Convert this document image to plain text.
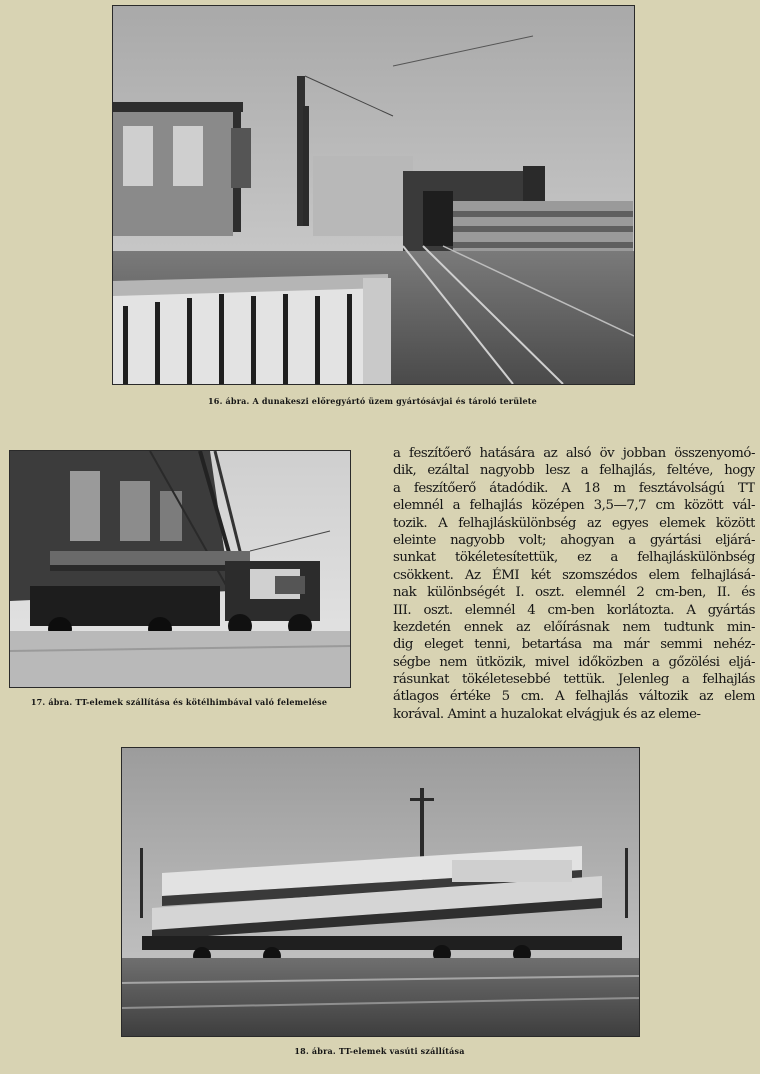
16. ábra. A dunakeszi előregyártó üzem gyártósávjai és tároló területe

17. ábra. TT-elemek szállítása és kötélhimbával való felemelése

a feszítőerő hatására az alsó öv jobban összenyomó-
dik, ezáltal nagyobb lesz a felhajlás, feltéve, hogy
a feszítőerő átadódik. A 18 m fesztávolságú TT
elemnél a felhajlás középen 3,5—7,7 cm között vál-
tozik. A felhajláskülönbség az egyes elemek között
eleinte nagyobb volt; ahogyan a gyártási eljárá-
sunkat tökéletesítettük, ez a felhajláskülönbség
csökkent. Az ÉMI két szomszédos elem felhajlásá-
nak különbségét I. oszt. elemnél 2 cm-ben, II. és
III. oszt. elemnél 4 cm-ben korlátozta. A gyártás
kezdetén ennek az előírásnak nem tudtunk min-
dig eleget tenni, betartása ma már semmi nehéz-
ségbe nem ütközik, mivel időközben a gőzölési eljá-
rásunkat tökéletesebbé tettük. Jelenleg a felhajlás
átlagos értéke 5 cm. A felhajlás változik az elem
korával. Amint a huzalokat elvágjuk és az eleme-

18. ábra. TT-elemek vasúti szállítása
